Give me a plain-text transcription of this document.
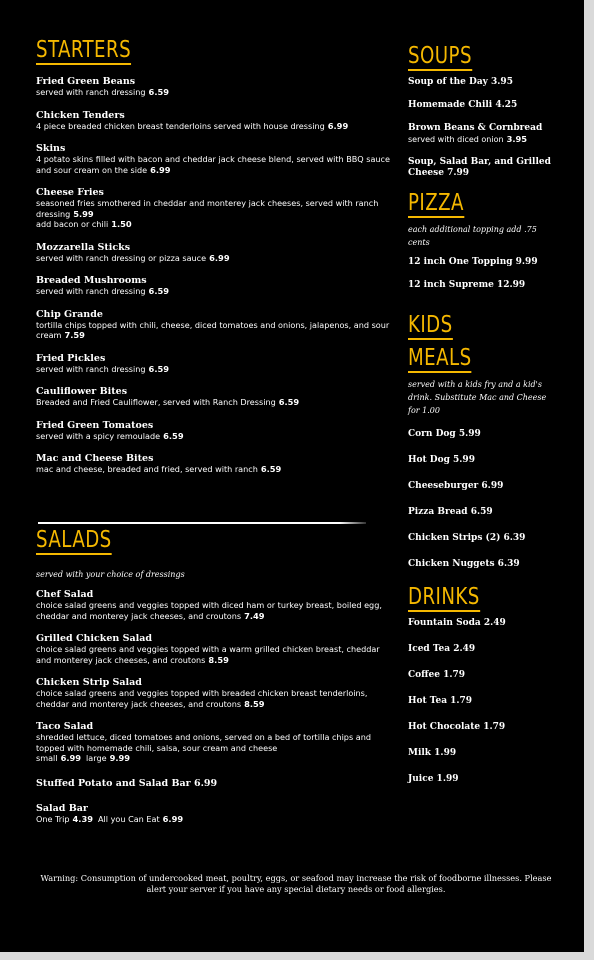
STARTERS
Fried Green Beans
served with ranch dressing 6.59
Chicken Tenders
4 piece breaded chicken breast tenderloins served with house dressing 6.99
Skins
4 potato skins filled with bacon and cheddar jack cheese blend, served with BBQ sauce and sour cream on the side 6.99
Cheese Fries
seasoned fries smothered in cheddar and monterey jack cheeses, served with ranch dressing 5.99
add bacon or chili 1.50
Mozzarella Sticks
served with ranch dressing or pizza sauce 6.99
Breaded Mushrooms
served with ranch dressing 6.59
Chip Grande
tortilla chips topped with chili, cheese, diced tomatoes and onions, jalapenos, and sour cream 7.59
Fried Pickles
served with ranch dressing 6.59
Cauliflower Bites
Breaded and Fried Cauliflower, served with Ranch Dressing 6.59
Fried Green Tomatoes
served with a spicy remoulade 6.59
Mac and Cheese Bites
mac and cheese, breaded and fried, served with ranch 6.59
SALADS
served with your choice of dressings
Chef Salad
choice salad greens and veggies topped with diced ham or turkey breast, boiled egg, cheddar and monterey jack cheeses, and croutons 7.49
Grilled Chicken Salad
choice salad greens and veggies topped with a warm grilled chicken breast, cheddar and monterey jack cheeses, and croutons 8.59
Chicken Strip Salad
choice salad greens and veggies topped with breaded chicken breast tenderloins, cheddar and monterey jack cheeses, and croutons 8.59
Taco Salad
shredded lettuce, diced tomatoes and onions, served on a bed of tortilla chips and topped with homemade chili, salsa, sour cream and cheese
small 6.99 large 9.99
Stuffed Potato and Salad Bar 6.99
Salad Bar
One Trip 4.39 All you Can Eat 6.99
SOUPS
Soup of the Day 3.95
Homemade Chili 4.25
Brown Beans & Cornbread
served with diced onion 3.95
Soup, Salad Bar, and Grilled Cheese 7.99
PIZZA
each additional topping add .75 cents
12 inch One Topping 9.99
12 inch Supreme 12.99
KIDS
MEALS
served with a kids fry and a kid's drink. Substitute Mac and Cheese for 1.00
Corn Dog 5.99
Hot Dog 5.99
Cheeseburger 6.99
Pizza Bread 6.59
Chicken Strips (2) 6.39
Chicken Nuggets 6.39
DRINKS
Fountain Soda 2.49
Iced Tea 2.49
Coffee 1.79
Hot Tea 1.79
Hot Chocolate 1.79
Milk 1.99
Juice 1.99
Warning: Consumption of undercooked meat, poultry, eggs, or seafood may increase the risk of foodborne illnesses. Please alert your server if you have any special dietary needs or food allergies.
